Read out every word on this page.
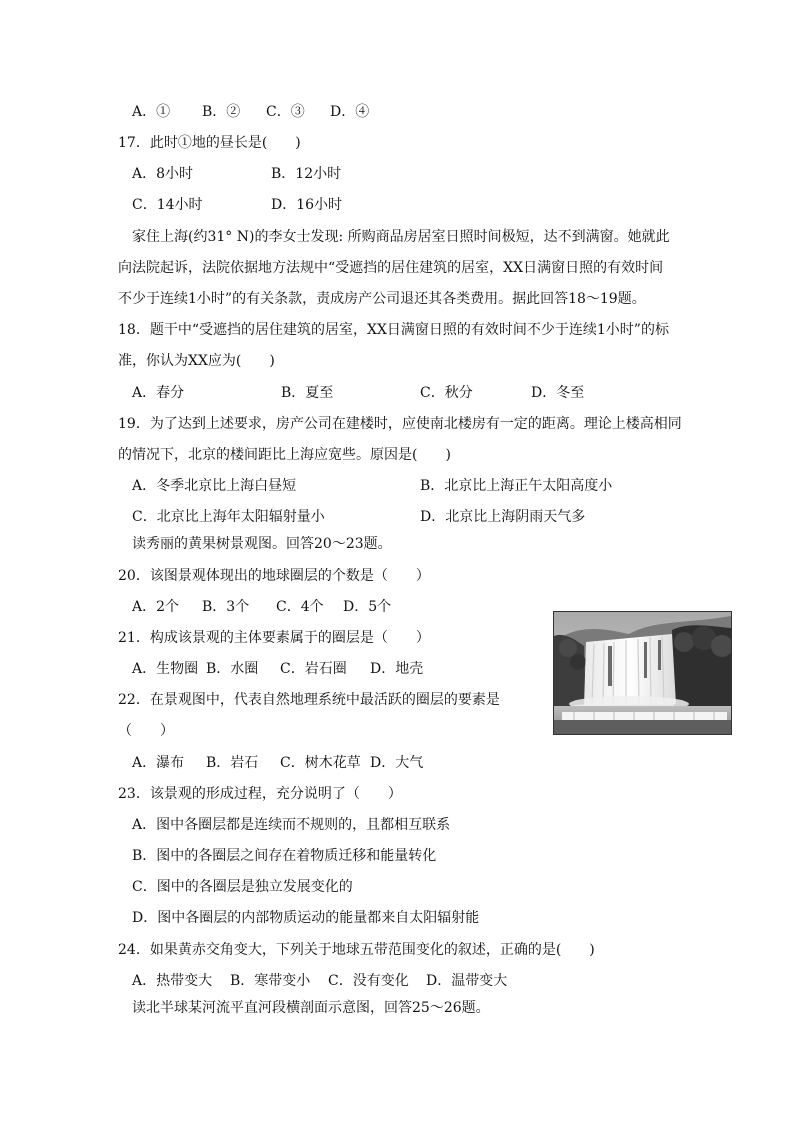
A．① B．② C．③ D．④
17．此时①地的昼长是(　　)
A．8小时	B．12小时
C．14小时	D．16小时
家住上海(约31° N)的李女士发现: 所购商品房居室日照时间极短，达不到满窗。她就此
向法院起诉，法院依据地方法规中“受遮挡的居住建筑的居室，XX日满窗日照的有效时间
不少于连续1小时”的有关条款，责成房产公司退还其各类费用。据此回答18～19题。
18．题干中“受遮挡的居住建筑的居室，XX日满窗日照的有效时间不少于连续1小时”的标
准，你认为XX应为(　　)
A．春分	B．夏至	C．秋分	D．冬至
19．为了达到上述要求，房产公司在建楼时，应使南北楼房有一定的距离。理论上楼高相同
的情况下，北京的楼间距比上海应宽些。原因是(　　)
A．冬季北京比上海白昼短	B．北京比上海正午太阳高度小
C．北京比上海年太阳辐射量小	D．北京比上海阴雨天气多
读秀丽的黄果树景观图。回答20～23题。
20．该图景观体现出的地球圈层的个数是（　　）
A．2个 B．3个 C．4个 D．5个
21．构成该景观的主体要素属于的圈层是（　　）
A．生物圈 B．水圈 C．岩石圈 D．地壳
22．在景观图中，代表自然地理系统中最活跃的圈层的要素是
（　　）
A．瀑布 B．岩石 C．树木花草 D．大气
23．该景观的形成过程，充分说明了（　　）
A．图中各圈层都是连续而不规则的，且都相互联系
B．图中的各圈层之间存在着物质迁移和能量转化
C．图中的各圈层是独立发展变化的
D．图中各圈层的内部物质运动的能量都来自太阳辐射能
24．如果黄赤交角变大，下列关于地球五带范围变化的叙述，正确的是(　　)
A．热带变大 B．寒带变小 C．没有变化 D．温带变大
读北半球某河流平直河段横剖面示意图，回答25～26题。
